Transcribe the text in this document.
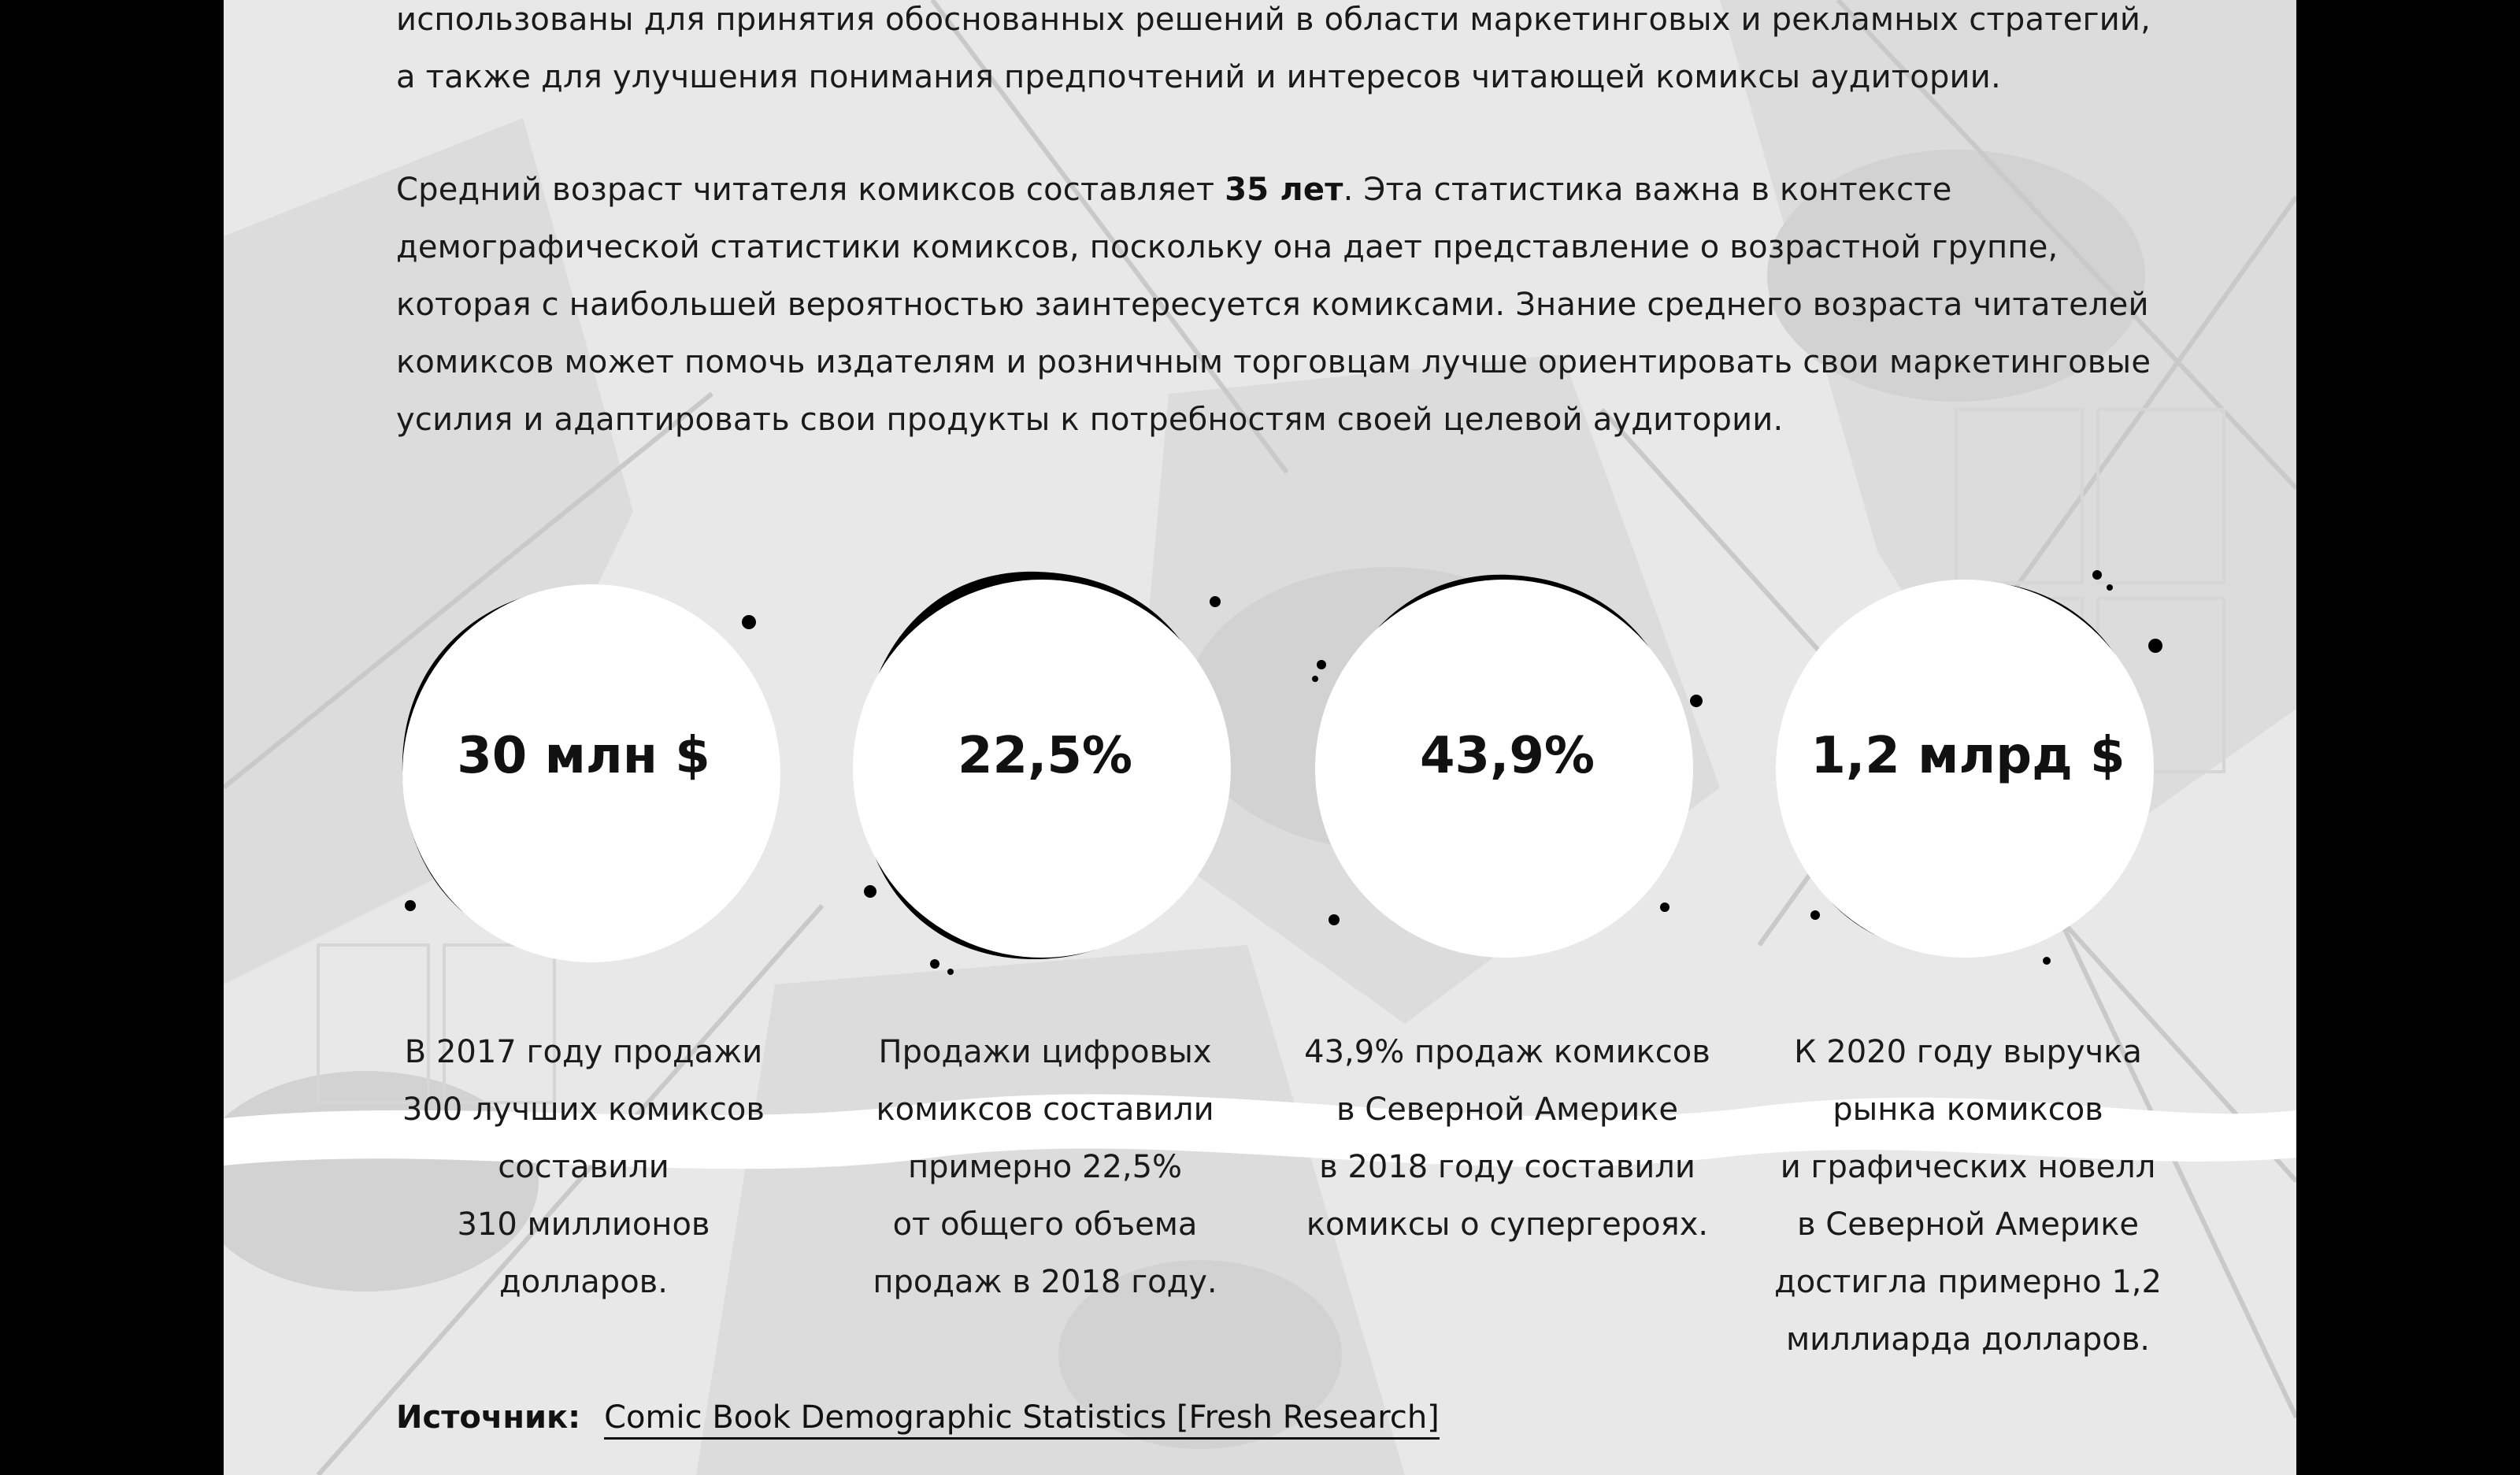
использованы для принятия обоснованных решений в области маркетинговых и рекламных стратегий,
а также для улучшения понимания предпочтений и интересов читающей комиксы аудитории.

Средний возраст читателя комиксов составляет 35 лет. Эта статистика важна в контексте
демографической статистики комиксов, поскольку она дает представление о возрастной группе,
которая с наибольшей вероятностью заинтересуется комиксами. Знание среднего возраста читателей
комиксов может помочь издателям и розничным торговцам лучше ориентировать свои маркетинговые
усилия и адаптировать свои продукты к потребностям своей целевой аудитории.

30 млн $

В 2017 году продажи
300 лучших комиксов
составили
310 миллионов
долларов.

22,5%

Продажи цифровых
комиксов составили
примерно 22,5%
от общего объема
продаж в 2018 году.

43,9%

43,9% продаж комиксов
в Северной Америке
в 2018 году составили
комиксы о супергероях.

1,2 млрд $

К 2020 году выручка
рынка комиксов
и графических новелл
в Северной Америке
достигла примерно 1,2
миллиарда долларов.

Источник: Comic Book Demographic Statistics [Fresh Research]
